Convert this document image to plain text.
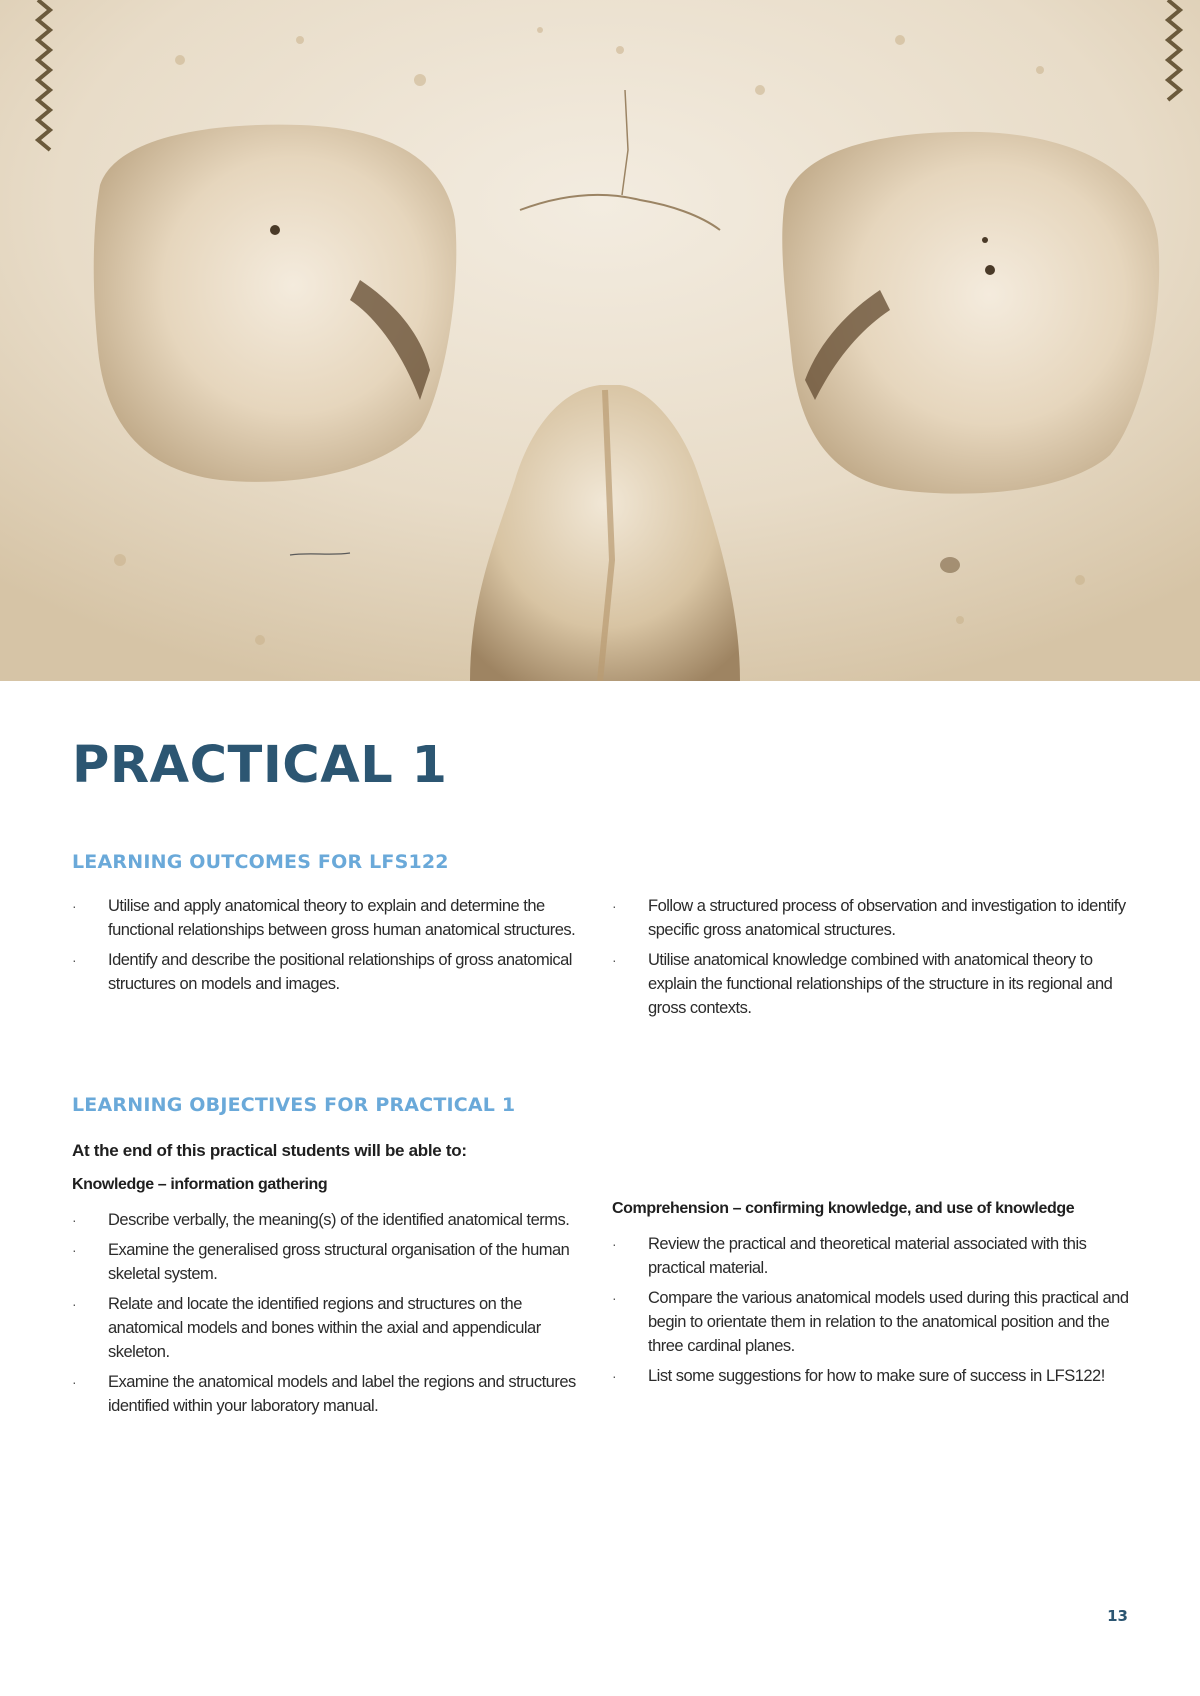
PRACTICAL 1
LEARNING OUTCOMES FOR LFS122
·	Utilise and apply anatomical theory to explain and determine the functional relationships between gross human anatomical structures.
·	Identify and describe the positional relationships of gross anatomical structures on models and images.
·	Follow a structured process of observation and investigation to identify specific gross anatomical structures.
·	Utilise anatomical knowledge combined with anatomical theory to explain the functional relationships of the structure in its regional and gross contexts.
LEARNING OBJECTIVES FOR PRACTICAL 1

At the end of this practical students will be able to:

Knowledge – information gathering

·	Describe verbally, the meaning(s) of the identified anatomical terms.
·	Examine the generalised gross structural organisation of the human skeletal system.
·	Relate and locate the identified regions and structures on the anatomical models and bones within the axial and appendicular skeleton.
·	Examine the anatomical models and label the regions and structures identified within your laboratory manual.

Comprehension – confirming knowledge, and use of knowledge

·	Review the practical and theoretical material associated with this practical material.
·	Compare the various anatomical models used during this practical and begin to orientate them in relation to the anatomical position and the three cardinal planes.
·	List some suggestions for how to make sure of success in LFS122!
13
